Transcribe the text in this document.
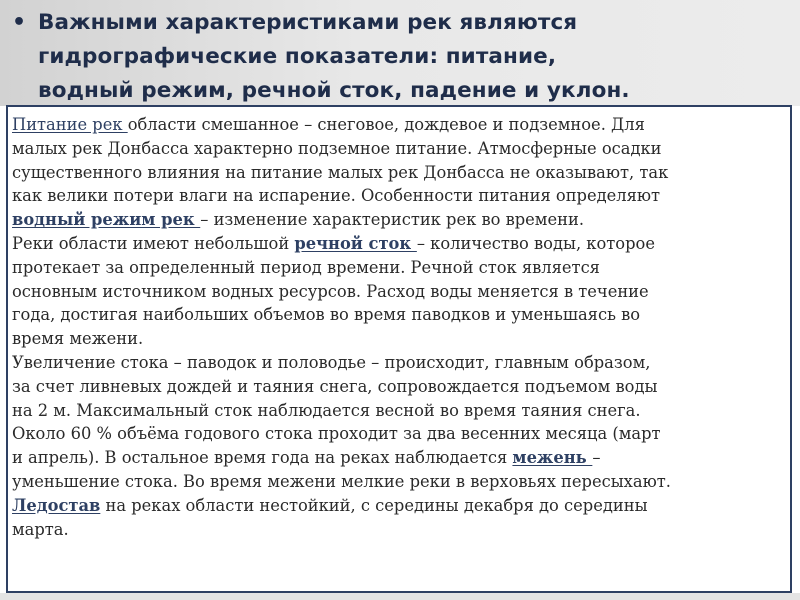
• Важными характеристиками рек являются
гидрографические показатели: питание,
водный режим, речной сток, падение и уклон.

Питание рек области смешанное – снеговое, дождевое и подземное. Для

малых рек Донбасса характерно подземное питание. Атмосферные осадки

существенного влияния на питание малых рек Донбасса не оказывают, так

как велики потери влаги на испарение. Особенности питания определяют

водный режим рек – изменение характеристик рек во времени.

Реки области имеют небольшой речной сток – количество воды, которое

протекает за определенный период времени. Речной сток является

основным источником водных ресурсов. Расход воды меняется в течение

года, достигая наибольших объемов во время паводков и уменьшаясь во

время межени.

Увеличение стока – паводок и половодье – происходит, главным образом,

за счет ливневых дождей и таяния снега, сопровождается подъемом воды

на 2 м. Максимальный сток наблюдается весной во время таяния снега.

Около 60 % объёма годового стока проходит за два весенних месяца (март

и апрель). В остальное время года на реках наблюдается межень –

уменьшение стока. Во время межени мелкие реки в верховьях пересыхают.

Ледостав на реках области нестойкий, с середины декабря до середины

марта.
